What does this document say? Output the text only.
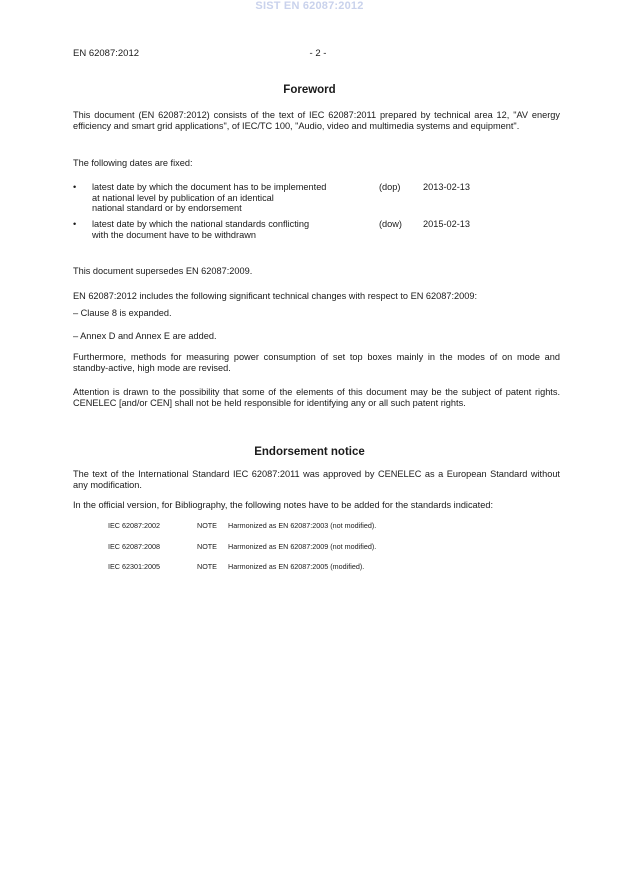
SIST EN 62087:2012
EN 62087:2012	- 2 -
Foreword
This document (EN 62087:2012) consists of the text of IEC 62087:2011 prepared by technical area 12, "AV energy efficiency and smart grid applications", of IEC/TC 100, "Audio, video and multimedia systems and equipment".
The following dates are fixed:
• latest date by which the document has to be implemented
at national level by publication of an identical
national standard or by endorsement
(dop) 2013-02-13
• latest date by which the national standards conflicting
with the document have to be withdrawn
(dow) 2015-02-13
This document supersedes EN 62087:2009.
EN 62087:2012 includes the following significant technical changes with respect to EN 62087:2009:
– Clause 8 is expanded.
– Annex D and Annex E are added.
Furthermore, methods for measuring power consumption of set top boxes mainly in the modes of on mode and standby-active, high mode are revised.
Attention is drawn to the possibility that some of the elements of this document may be the subject of patent rights. CENELEC [and/or CEN] shall not be held responsible for identifying any or all such patent rights.
Endorsement notice
The text of the International Standard IEC 62087:2011 was approved by CENELEC as a European Standard without any modification.
In the official version, for Bibliography, the following notes have to be added for the standards indicated:
IEC 62087:2002	NOTE Harmonized as EN 62087:2003 (not modified).
IEC 62087:2008	NOTE Harmonized as EN 62087:2009 (not modified).
IEC 62301:2005	NOTE Harmonized as EN 62087:2005 (modified).
